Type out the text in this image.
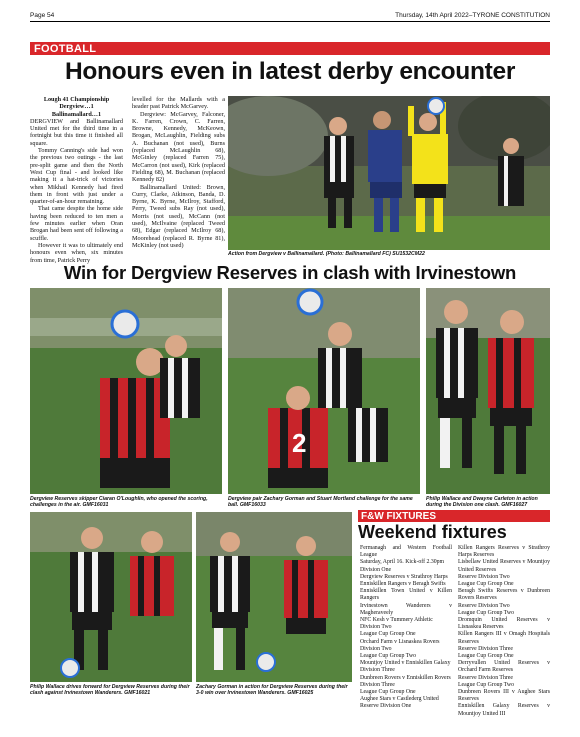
Page 54	Thursday, 14th April 2022–TYRONE CONSTITUTION
FOOTBALL
Honours even in latest derby encounter

Lough 41 Championship

Dergview…1

Ballinamallard…1

DERGVIEW and Ballinamallard United met for the third time in a fortnight but this time it finished all square.

Tommy Canning's side had won the previous two outings - the last pre-split game and then the North West Cup final - and looked like making it a hat-trick of victories when Mikhail Kennedy had fired them in front with just under a quarter-of-an-hour remaining.

That came despite the home side having been reduced to ten men a few minutes earlier when Oran Brogan had been sent off following a scuffle.

However it was to ultimately end honours even when, six minutes from time, Patrick Perry

levelled for the Mallards with a header past Patrick McGarvey.

Dergview: McGarvey, Falconer, K. Farren, Crown, C. Farren, Browne, Kennedy, McKeown, Brogan, McLaughlin, Fielding subs A. Buchanan (not used), Burns (replaced McLaughlin 68), McGinley (replaced Farren 75), McCarron (not used), Kirk (replaced Fielding 68), M. Buchanan (replaced Kennedy 82)

Ballinamallard United: Brown, Curry, Clarke, Atkinson, Banda, D. Byrne, K. Byrne, McIlroy, Stafford, Perry, Tweed subs Ray (not used), Morris (not used), McCann (not used), McIlvaine (replaced Tweed 68), Edgar (replaced McIlroy 68), Moorehead (replaced R. Byrne 81), McKinley (not used)

Action from Dergview v Ballinamallard. (Photo: Ballinamallard FC) SU1532CM22
Win for Dergview Reserves in clash with Irvinestown
Dergview Reserves skipper Ciaran O'Loughlin, who opened the scoring, challenges in the air. GMF16031
2
Dergview pair Zachary Gorman and Stuart Mortland challenge for the same ball. GMF16033
Philip Wallace and Dwayne Carleton in action during the Division one clash. GMF16027
Philip Wallace drives forward for Dergview Reserves during their clash against Irvinestown Wanderers. GMF16021
Zachary Gorman in action for Dergview Reserves during their 3-0 win over Irvinestown Wanderers. GMF16025
F&W FIXTURES
Weekend fixtures

Fermanagh and Western Football League

Saturday, April 16. Kick-off 2.30pm

Division One

Dergview Reserves v Strathroy Harps

Enniskillen Rangers v Beragh Swifts

Enniskillen Town United v Killen Rangers

Irvinestown Wanderers v Magheraveely

NFC Kesh v Tummery Athletic

Division Two

League Cup Group One

Orchard Farm v Lisnaskea Rovers

Division Two

League Cup Group Two

Mountjoy United v Enniskillen Galaxy

Division Three

Dunbreen Rovers v Enniskillen Rovers

Division Three

League Cup Group One

Aughee Stars v Castlederg United

Reserve Division One

Killen Rangers Reserves v Strathroy Harps Reserves

Lisbellaw United Reserves v Mountjoy United Reserves

Reserve Division Two

League Cup Group One

Beragh Swifts Reserves v Dunbreen Rovers Reserves

Reserve Division Two

League Cup Group Two

Dromquin United Reserves v Lisnaskea Reserves

Killen Rangers III v Omagh Hospitals Reserves

Reserve Division Three

League Cup Group One

Derryvullen United Reserves v Orchard Farm Reserves

Reserve Division Three

League Cup Group Two

Dunbreen Rovers III v Aughee Stars Reserves

Enniskillen Galaxy Reserves v Mountjoy United III
